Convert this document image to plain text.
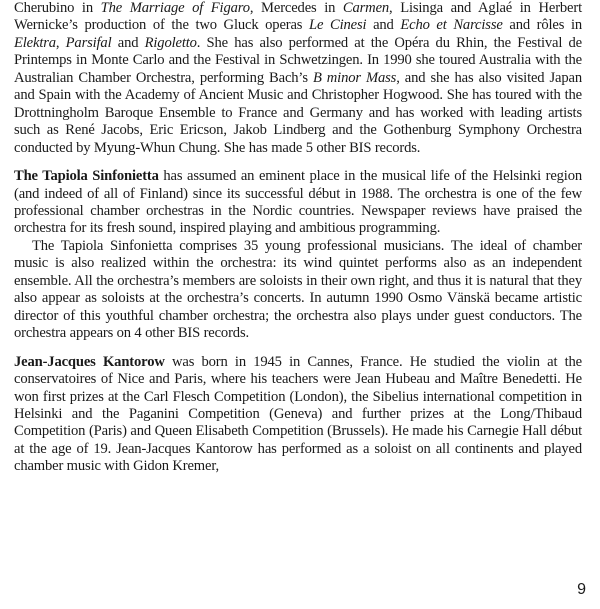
Cherubino in The Marriage of Figaro, Mercedes in Carmen, Lisinga and Aglaé in Herbert Wernicke’s production of the two Gluck operas Le Cinesi and Echo et Narcisse and rôles in Elektra, Parsifal and Rigoletto. She has also performed at the Opéra du Rhin, the Festival de Printemps in Monte Carlo and the Festival in Schwetzingen. In 1990 she toured Australia with the Australian Chamber Orchestra, performing Bach’s B minor Mass, and she has also visited Japan and Spain with the Academy of Ancient Music and Christopher Hogwood. She has toured with the Drottningholm Baroque Ensemble to France and Germany and has worked with leading artists such as René Jacobs, Eric Ericson, Jakob Lindberg and the Gothenburg Symphony Orchestra conducted by Myung-Whun Chung. She has made 5 other BIS records.

The Tapiola Sinfonietta has assumed an eminent place in the musical life of the Helsinki region (and indeed of all of Finland) since its successful début in 1988. The orchestra is one of the few professional chamber orchestras in the Nordic countries. Newspaper reviews have praised the orchestra for its fresh sound, inspired playing and ambitious programming.

The Tapiola Sinfonietta comprises 35 young professional musicians. The ideal of chamber music is also realized within the orchestra: its wind quintet performs also as an independent ensemble. All the orchestra’s members are soloists in their own right, and thus it is natural that they also appear as soloists at the orchestra’s concerts. In autumn 1990 Osmo Vänskä became artistic director of this youthful chamber orchestra; the orchestra also plays under guest conductors. The orchestra appears on 4 other BIS records.

Jean-Jacques Kantorow was born in 1945 in Cannes, France. He studied the violin at the conservatoires of Nice and Paris, where his teachers were Jean Hubeau and Maître Benedetti. He won first prizes at the Carl Flesch Competition (London), the Sibelius international competition in Helsinki and the Paganini Competition (Geneva) and further prizes at the Long/Thibaud Competition (Paris) and Queen Elisabeth Competition (Brussels). He made his Carnegie Hall début at the age of 19. Jean-Jacques Kantorow has performed as a soloist on all continents and played chamber music with Gidon Kremer,

9
